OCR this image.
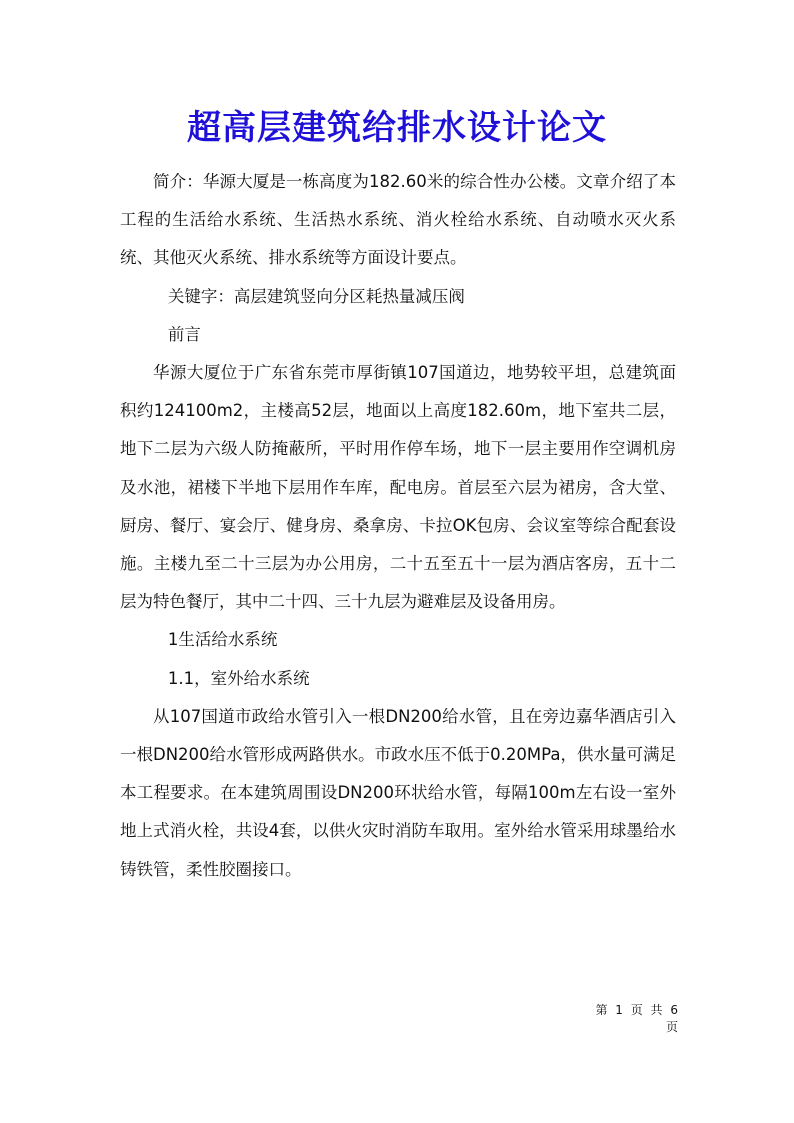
超高层建筑给排水设计论文

简介：华源大厦是一栋高度为182.60米的综合性办公楼。文章介绍了本工程的生活给水系统、生活热水系统、消火栓给水系统、自动喷水灭火系统、其他灭火系统、排水系统等方面设计要点。

关键字：高层建筑竖向分区耗热量减压阀

前言

华源大厦位于广东省东莞市厚街镇107国道边，地势较平坦，总建筑面积约124100m2，主楼高52层，地面以上高度182.60m，地下室共二层，地下二层为六级人防掩蔽所，平时用作停车场，地下一层主要用作空调机房及水池，裙楼下半地下层用作车库，配电房。首层至六层为裙房，含大堂、厨房、餐厅、宴会厅、健身房、桑拿房、卡拉OK包房、会议室等综合配套设施。主楼九至二十三层为办公用房，二十五至五十一层为酒店客房，五十二层为特色餐厅，其中二十四、三十九层为避难层及设备用房。

1生活给水系统

1.1，室外给水系统

从107国道市政给水管引入一根DN200给水管，且在旁边嘉华酒店引入一根DN200给水管形成两路供水。市政水压不低于0.20MPa，供水量可满足本工程要求。在本建筑周围设DN200环状给水管，每隔100m左右设一室外地上式消火栓，共设4套，以供火灾时消防车取用。室外给水管采用球墨给水铸铁管，柔性胶圈接口。

第 1 页 共 6 页
